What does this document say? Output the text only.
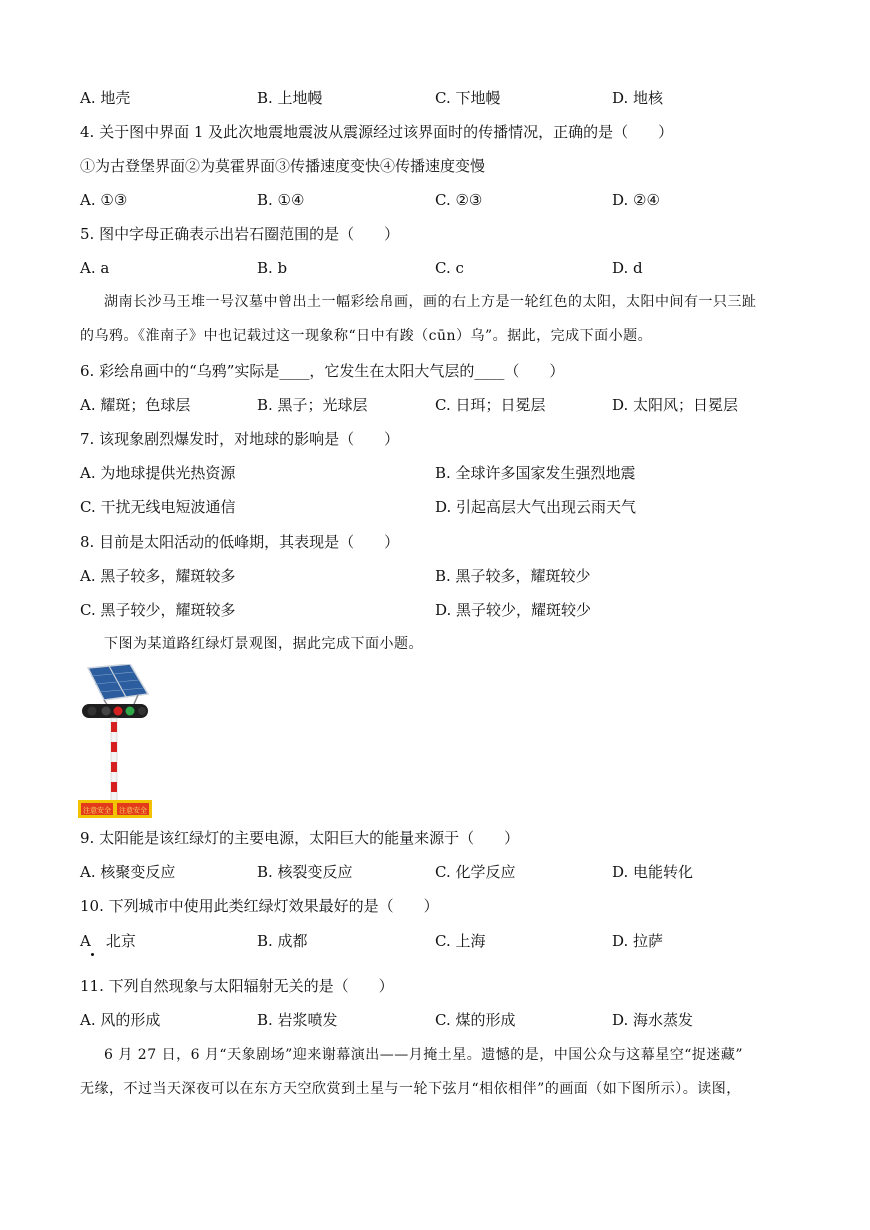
A. 地壳	B. 上地幔	C. 下地幔	D. 地核
4. 关于图中界面 1 及此次地震地震波从震源经过该界面时的传播情况，正确的是（　　）
①为古登堡界面②为莫霍界面③传播速度变快④传播速度变慢
A. ①③	B. ①④	C. ②③	D. ②④
5. 图中字母正确表示出岩石圈范围的是（　　）
A. a	B. b	C. c	D. d
湖南长沙马王堆一号汉墓中曾出土一幅彩绘帛画，画的右上方是一轮红色的太阳，太阳中间有一只三趾
的乌鸦。《淮南子》中也记载过这一现象称“日中有踆（cūn）乌”。据此，完成下面小题。
6. 彩绘帛画中的“乌鸦”实际是____，它发生在太阳大气层的____（　　）
A. 耀斑；色球层	B. 黑子；光球层	C. 日珥；日冕层	D. 太阳风；日冕层
7. 该现象剧烈爆发时，对地球的影响是（　　）
A. 为地球提供光热资源	B. 全球许多国家发生强烈地震
C. 干扰无线电短波通信	D. 引起高层大气出现云雨天气
8. 目前是太阳活动的低峰期，其表现是（　　）
A. 黑子较多，耀斑较多	B. 黑子较多，耀斑较少
C. 黑子较少，耀斑较多	D. 黑子较少，耀斑较少
下图为某道路红绿灯景观图，据此完成下面小题。
注意安全 注意安全
9. 太阳能是该红绿灯的主要电源，太阳巨大的能量来源于（　　）
A. 核聚变反应	B. 核裂变反应	C. 化学反应	D. 电能转化
10. 下列城市中使用此类红绿灯效果最好的是（　　）
A　北京	B. 成都	C. 上海	D. 拉萨
11. 下列自然现象与太阳辐射无关的是（　　）
A. 风的形成	B. 岩浆喷发	C. 煤的形成	D. 海水蒸发
6 月 27 日，6 月“天象剧场”迎来谢幕演出——月掩土星。遗憾的是，中国公众与这幕星空“捉迷藏”
无缘，不过当天深夜可以在东方天空欣赏到土星与一轮下弦月“相依相伴”的画面（如下图所示）。读图，
